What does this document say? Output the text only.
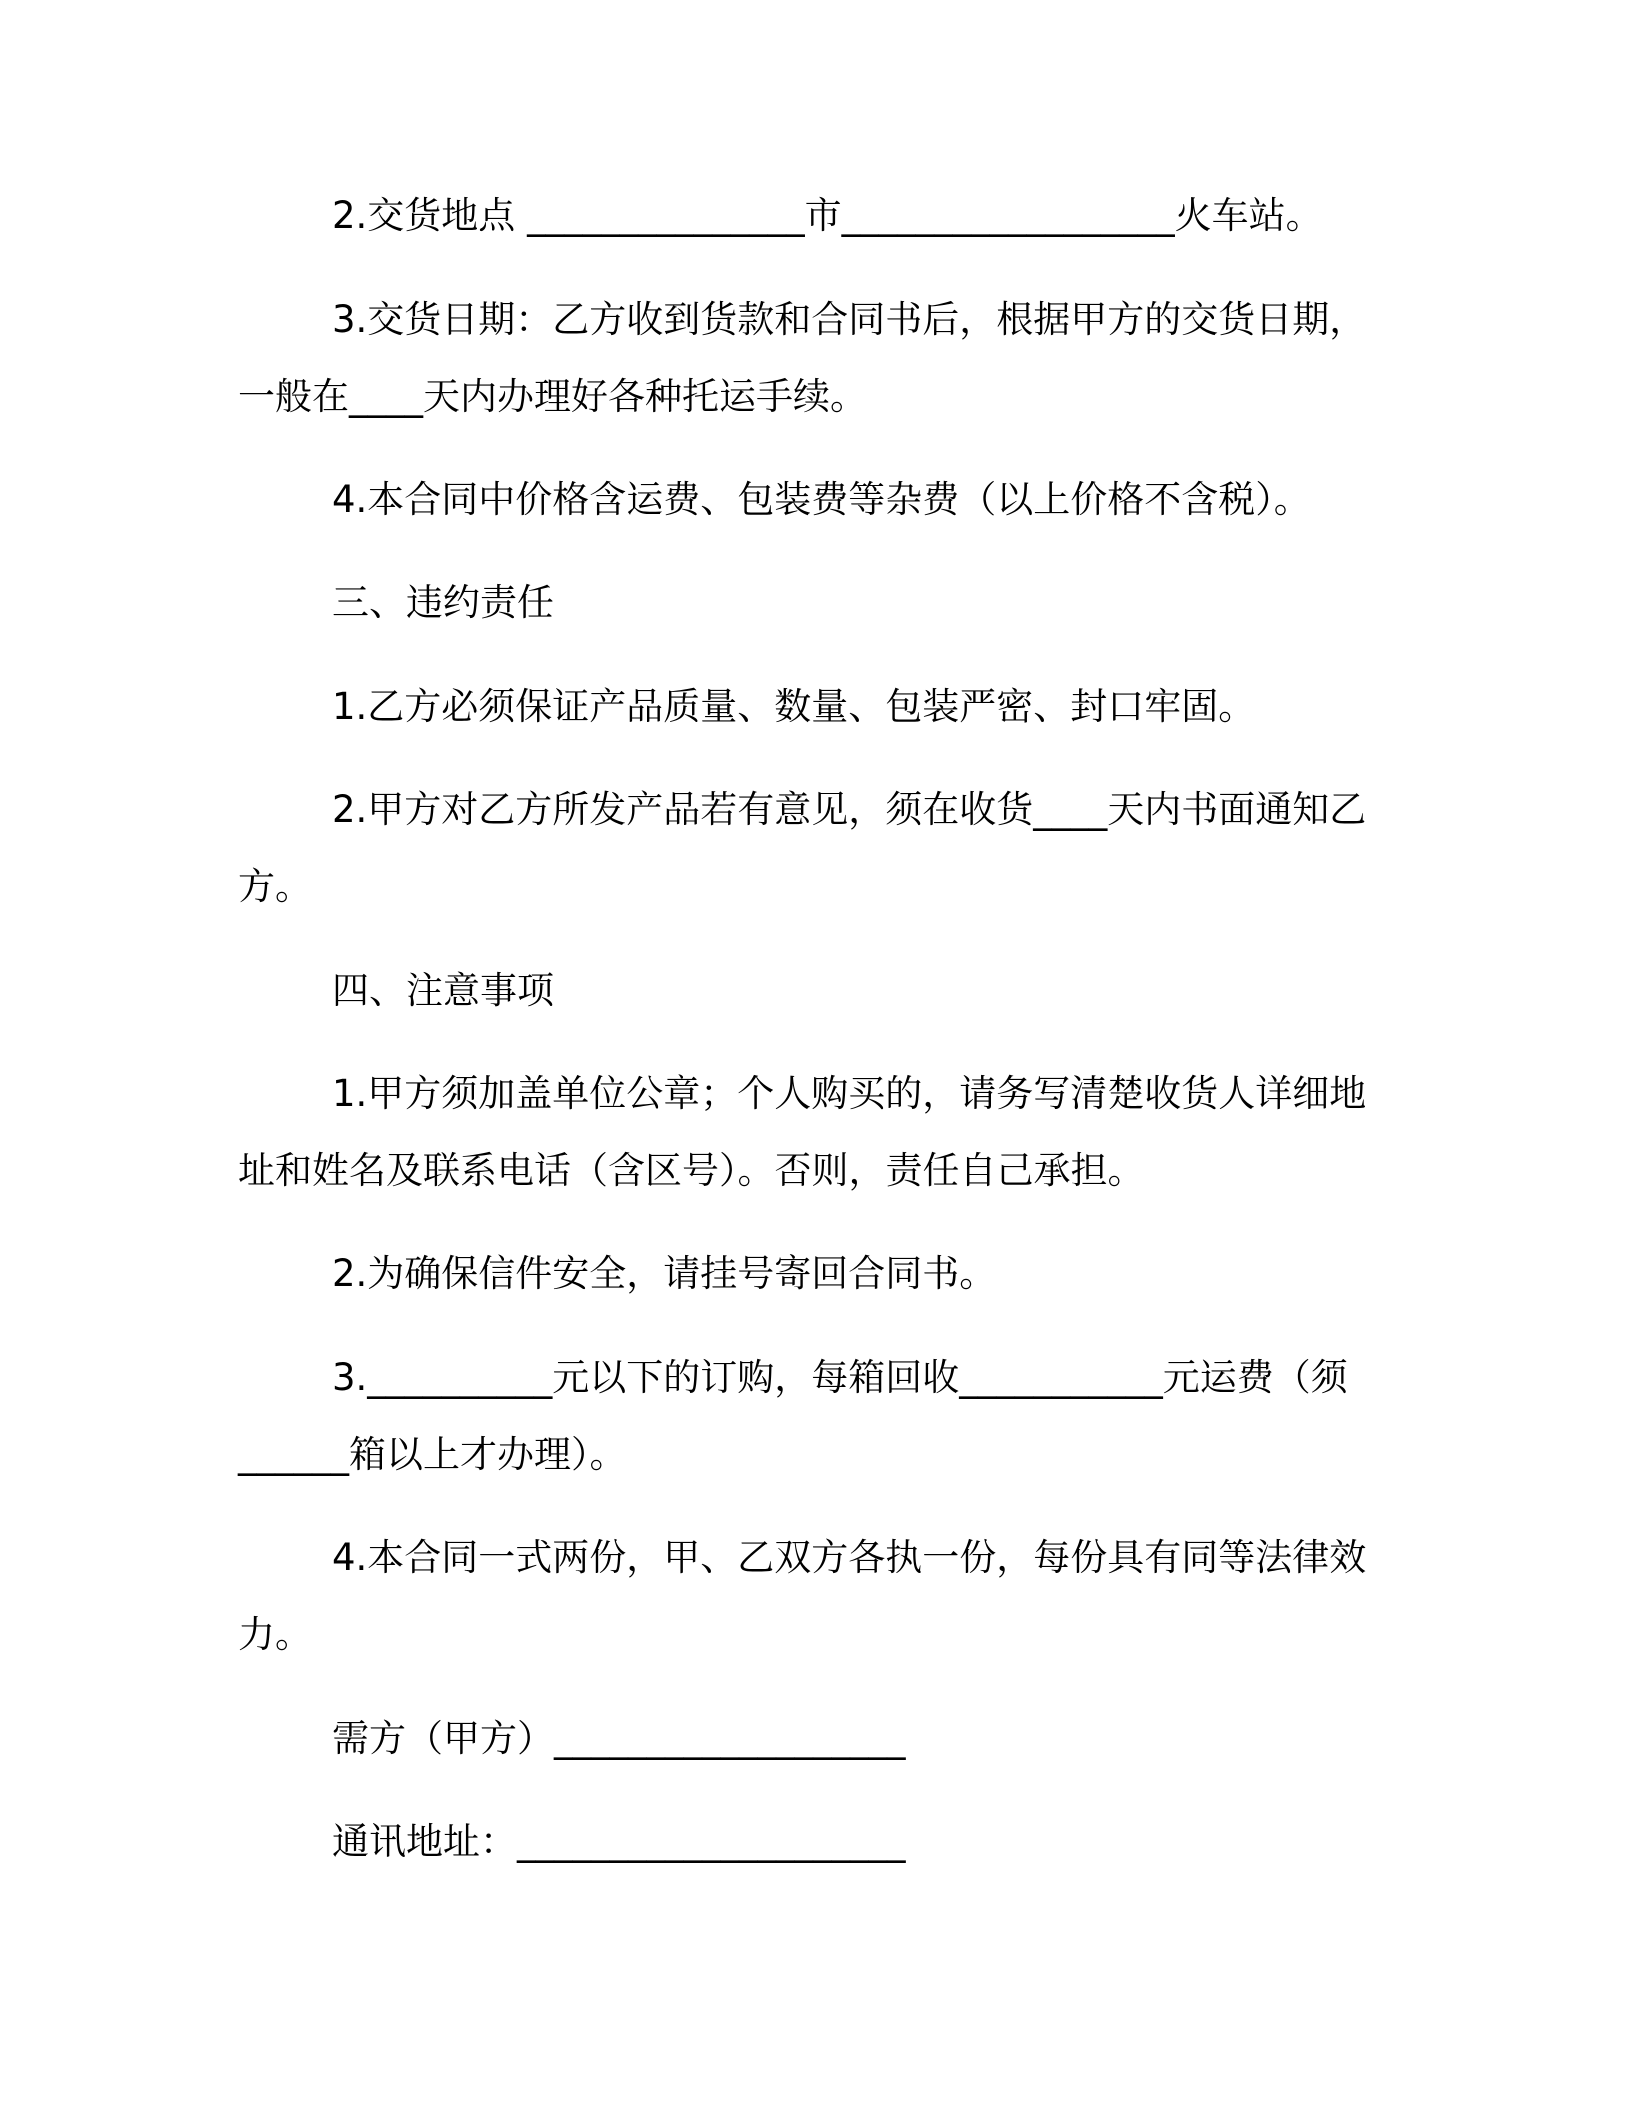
2.交货地点 _______________市__________________火车站。
3.交货日期：乙方收到货款和合同书后，根据甲方的交货日期，
一般在____天内办理好各种托运手续。
4.本合同中价格含运费、包装费等杂费（以上价格不含税）。
三、违约责任
1.乙方必须保证产品质量、数量、包装严密、封口牢固。
2.甲方对乙方所发产品若有意见，须在收货____天内书面通知乙
方。
四、注意事项
1.甲方须加盖单位公章；个人购买的，请务写清楚收货人详细地
址和姓名及联系电话（含区号）。否则，责任自己承担。
2.为确保信件安全，请挂号寄回合同书。
3.__________元以下的订购，每箱回收___________元运费（须
______箱以上才办理）。
4.本合同一式两份，甲、乙双方各执一份，每份具有同等法律效
力。
需方（甲方）___________________
通讯地址：_____________________
